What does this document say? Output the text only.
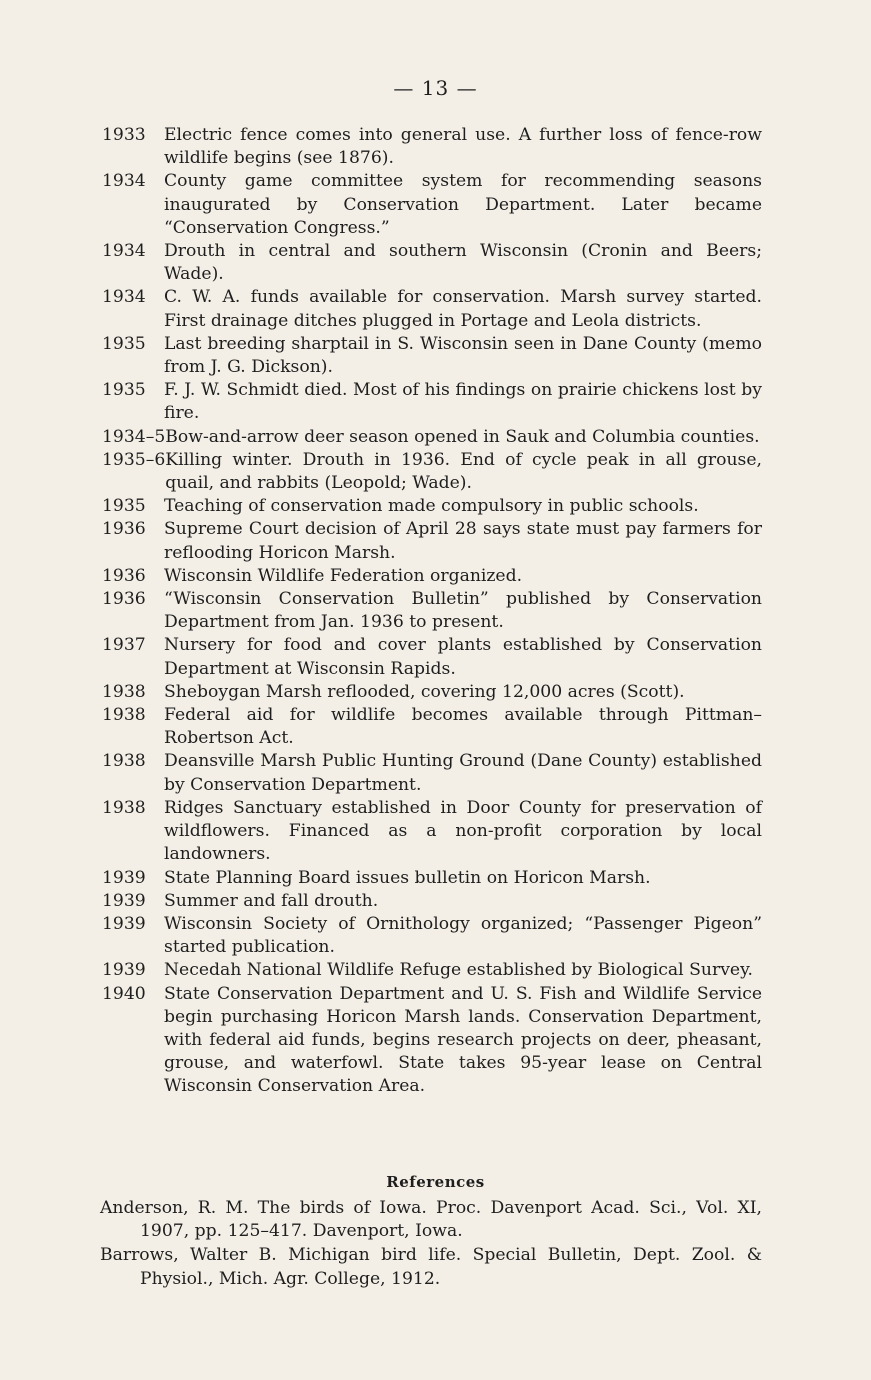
— 13 —
1933	Electric fence comes into general use. A further loss of fence-row wildlife begins (see 1876).
1934	County game committee system for recommending seasons inaugurated by Conservation Department. Later became “Conservation Congress.”
1934	Drouth in central and southern Wisconsin (Cronin and Beers; Wade).
1934	C. W. A. funds available for conservation. Marsh survey started. First drainage ditches plugged in Portage and Leola districts.
1935	Last breeding sharptail in S. Wisconsin seen in Dane County (memo from J. G. Dickson).
1935	F. J. W. Schmidt died. Most of his findings on prairie chickens lost by fire.
1934–5 Bow-and-arrow deer season opened in Sauk and Columbia counties.
1935–6 Killing winter. Drouth in 1936. End of cycle peak in all grouse, quail, and rabbits (Leopold; Wade).
1935	Teaching of conservation made compulsory in public schools.
1936	Supreme Court decision of April 28 says state must pay farmers for reflooding Horicon Marsh.
1936	Wisconsin Wildlife Federation organized.
1936	“Wisconsin Conservation Bulletin” published by Conservation Department from Jan. 1936 to present.
1937	Nursery for food and cover plants established by Conservation Department at Wisconsin Rapids.
1938	Sheboygan Marsh reflooded, covering 12,000 acres (Scott).
1938	Federal aid for wildlife becomes available through Pittman–Robertson Act.
1938	Deansville Marsh Public Hunting Ground (Dane County) established by Conservation Department.
1938	Ridges Sanctuary established in Door County for preservation of wildflowers. Financed as a non-profit corporation by local landowners.
1939	State Planning Board issues bulletin on Horicon Marsh.
1939	Summer and fall drouth.
1939	Wisconsin Society of Ornithology organized; “Passenger Pigeon” started publication.
1939	Necedah National Wildlife Refuge established by Biological Survey.
1940	State Conservation Department and U. S. Fish and Wildlife Service begin purchasing Horicon Marsh lands. Conservation Department, with federal aid funds, begins research projects on deer, pheasant, grouse, and waterfowl. State takes 95-year lease on Central Wisconsin Conservation Area.
References
Anderson, R. M. The birds of Iowa. Proc. Davenport Acad. Sci., Vol. XI, 1907, pp. 125–417. Davenport, Iowa.
Barrows, Walter B. Michigan bird life. Special Bulletin, Dept. Zool. & Physiol., Mich. Agr. College, 1912.
